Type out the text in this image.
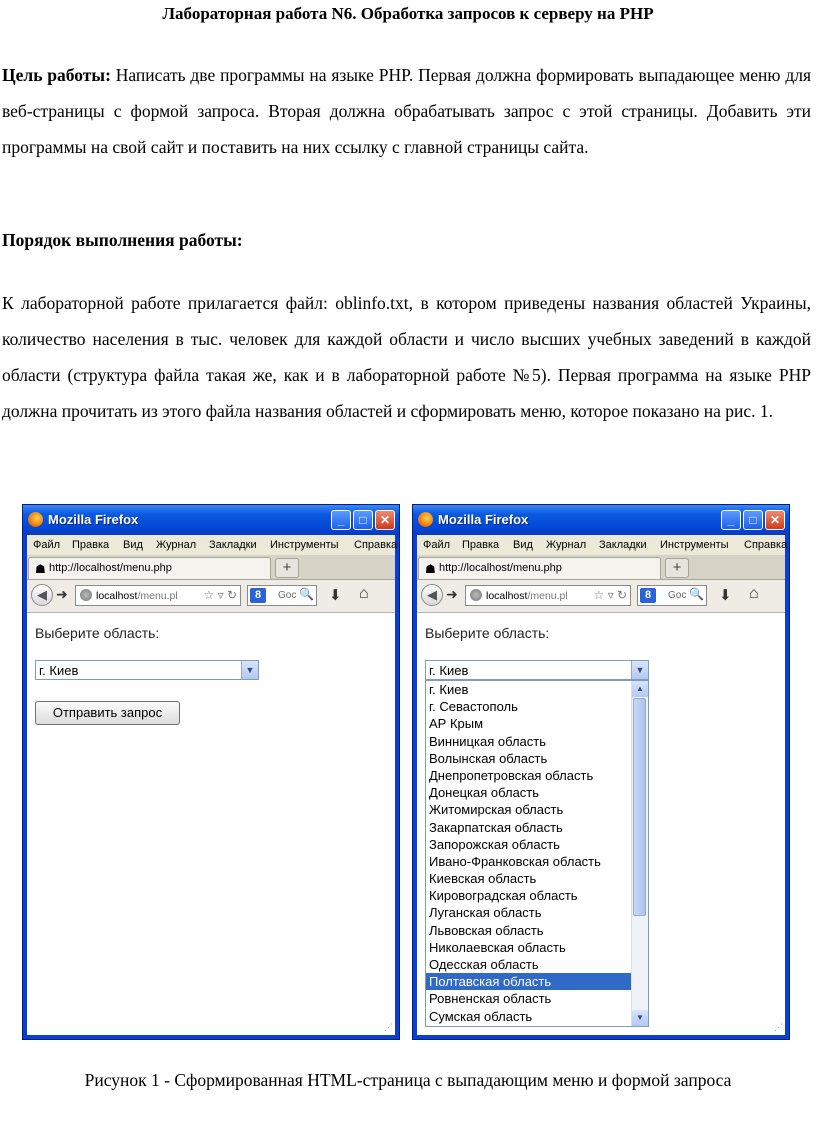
Лабораторная работа N6. Обработка запросов к серверу на PHP

Цель работы: Написать две программы на языке PHP. Первая должна формировать выпадающее меню для веб-страницы с формой запроса. Вторая должна обрабатывать запрос с этой страницы. Добавить эти программы на свой сайт и поставить на них ссылку с главной страницы сайта.

Порядок выполнения работы:

К лабораторной работе прилагается файл: oblinfo.txt, в котором приведены названия областей Украины, количество населения в тыс. человек для каждой области и число высших учебных заведений в каждой области (структура файла такая же, как и в лабораторной работе №5). Первая программа на языке PHP должна прочитать из этого файла названия областей и сформировать меню, которое показано на рис. 1.

Mozilla Firefox	_	□	✕
Файл Правка Вид Журнал Закладки Инструменты Справка
☗ http://localhost/menu.php	+
◀ ➜	localhost/menu.pl ☆ ▿ ↻	8	Goc 🔍 ⬇ ⌂
Выберите область:
г. Киев	▼
Отправить запрос
⋰
Mozilla Firefox	_	□	✕
Файл Правка Вид Журнал Закладки Инструменты Справка
☗ http://localhost/menu.php	+
◀ ➜	localhost/menu.pl ☆ ▿ ↻	8	Goc 🔍 ⬇ ⌂
Выберите область:
г. Киев	▼
г. Киев
г. Севастополь
АР Крым
Винницкая область
Волынская область
Днепропетровская область
Донецкая область
Житомирская область
Закарпатская область
Запорожская область
Ивано-Франковская область
Киевская область
Кировоградская область
Луганская область
Львовская область
Николаевская область
Одесская область
Полтавская область
Ровненская область
Сумская область
▲
▼
⋰
Рисунок 1 - Сформированная HTML-страница с выпадающим меню и формой запроса
